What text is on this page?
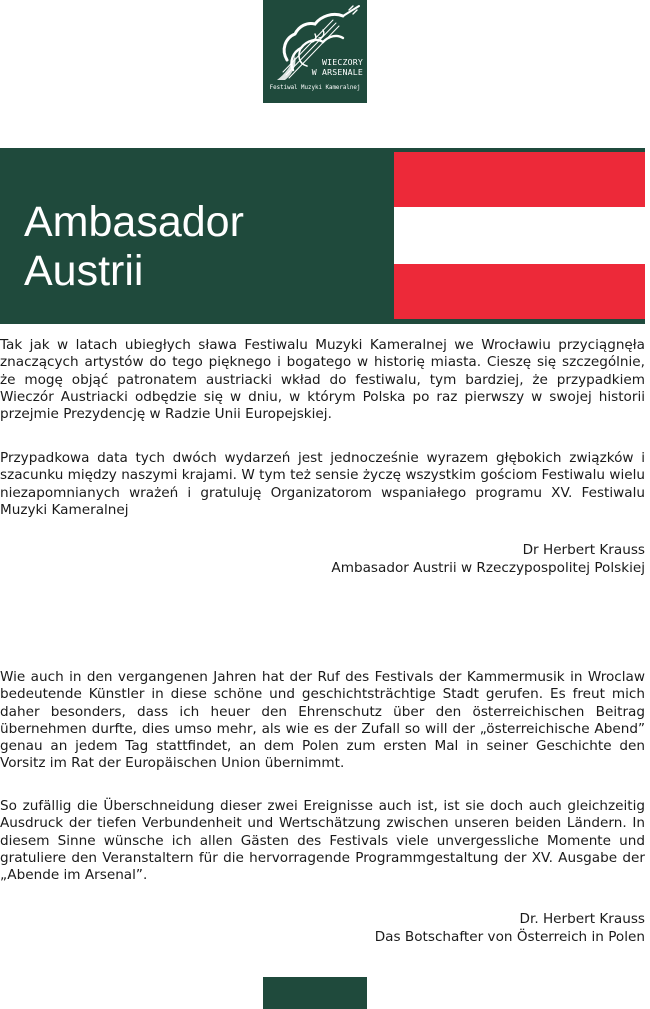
WIECZORY
W ARSENALE
Festiwal Muzyki Kameralnej
Ambasador
Austrii

Tak jak w latach ubiegłych sława Festiwalu Muzyki Kameralnej we Wrocławiu przyciągnęła znaczących artystów do tego pięknego i bogatego w historię miasta. Cieszę się szczególnie, że mogę objąć patronatem austriacki wkład do festiwalu, tym bardziej, że przypadkiem Wieczór Austriacki odbędzie się w dniu, w którym Polska po raz pierwszy w swojej historii przejmie Prezydencję w Radzie Unii Europejskiej.

Przypadkowa data tych dwóch wydarzeń jest jednocześnie wyrazem głębokich związków i szacunku między naszymi krajami. W tym też sensie życzę wszystkim gościom Festiwalu wielu niezapomnianych wrażeń i gratuluję Organizatorom wspaniałego programu XV. Festiwalu Muzyki Kameralnej

Dr Herbert Krauss
Ambasador Austrii w Rzeczypospolitej Polskiej

Wie auch in den vergangenen Jahren hat der Ruf des Festivals der Kammermusik in Wroclaw bedeutende Künstler in diese schöne und geschichtsträchtige Stadt gerufen. Es freut mich daher besonders, dass ich heuer den Ehrenschutz über den österreichischen Beitrag übernehmen durfte, dies umso mehr, als wie es der Zufall so will der „österreichische Abend” genau an jedem Tag stattfindet, an dem Polen zum ersten Mal in seiner Geschichte den Vorsitz im Rat der Europäischen Union übernimmt.

So zufällig die Überschneidung dieser zwei Ereignisse auch ist, ist sie doch auch gleichzeitig Ausdruck der tiefen Verbundenheit und Wertschätzung zwischen unseren beiden Ländern. In diesem Sinne wünsche ich allen Gästen des Festivals viele unvergessliche Momente und gratuliere den Veranstaltern für die hervorragende Programmgestaltung der XV. Ausgabe der „Abende im Arsenal”.

Dr. Herbert Krauss
Das Botschafter von Österreich in Polen
